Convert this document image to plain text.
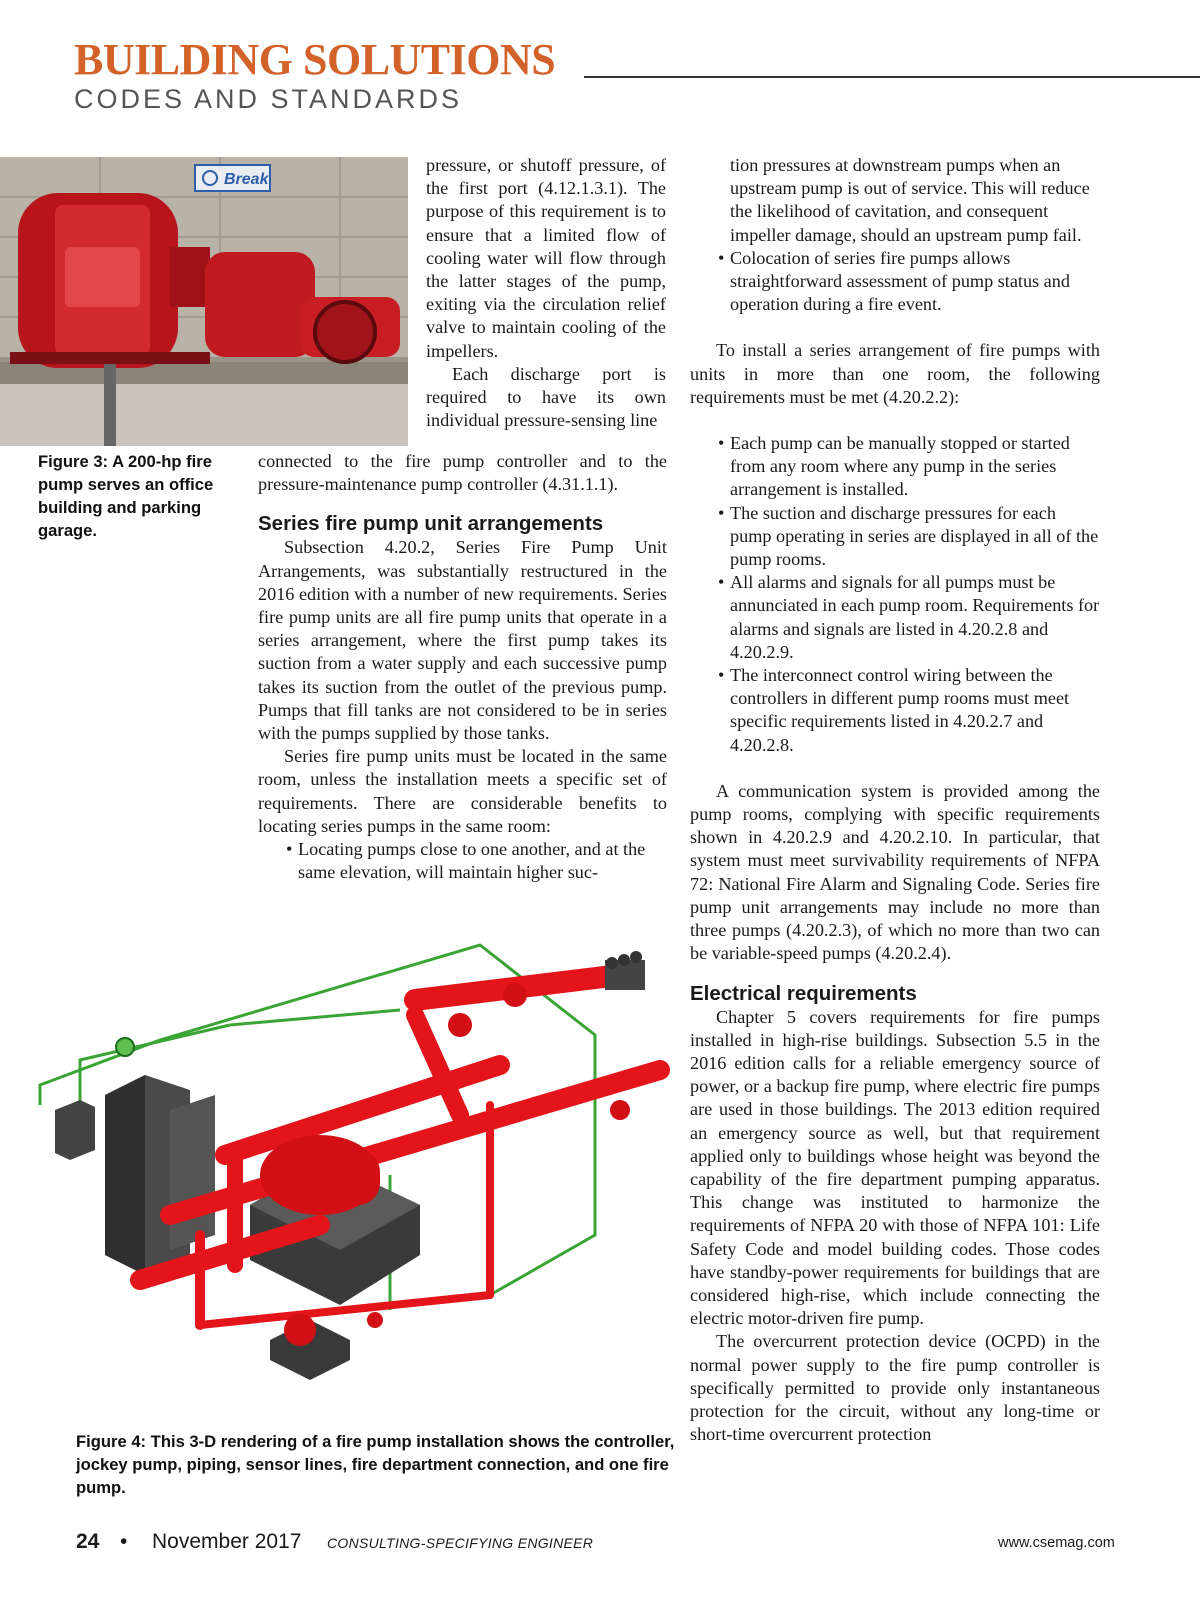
BUILDING SOLUTIONS
CODES AND STANDARDS
Break
Figure 3: A 200-hp fire pump serves an office building and parking garage.

pressure, or shutoff pressure, of the first port (4.12.1.3.1). The purpose of this requirement is to ensure that a limited flow of cooling water will flow through the latter stages of the pump, exiting via the circulation relief valve to maintain cooling of the impellers.

Each discharge port is required to have its own individual pressure-sensing line

connected to the fire pump controller and to the pressure-maintenance pump controller (4.31.1.1).

Series fire pump unit arrangements

Subsection 4.20.2, Series Fire Pump Unit Arrangements, was substantially restructured in the 2016 edition with a number of new requirements. Series fire pump units are all fire pump units that operate in a series arrangement, where the first pump takes its suction from a water supply and each successive pump takes its suction from the outlet of the previous pump. Pumps that fill tanks are not considered to be in series with the pumps supplied by those tanks.

Series fire pump units must be located in the same room, unless the installation meets a specific set of requirements. There are considerable benefits to locating series pumps in the same room:

• Locating pumps close to one another, and at the same elevation, will maintain higher suc-
Figure 4: This 3-D rendering of a fire pump installation shows the controller, jockey pump, piping, sensor lines, fire department connection, and one fire pump.
tion pressures at downstream pumps when an upstream pump is out of service. This will reduce the likelihood of cavitation, and consequent impeller damage, should an upstream pump fail.
• Colocation of series fire pumps allows straightforward assessment of pump status and operation during a fire event.

To install a series arrangement of fire pumps with units in more than one room, the following requirements must be met (4.20.2.2):

• Each pump can be manually stopped or started from any room where any pump in the series arrangement is installed.
• The suction and discharge pressures for each pump operating in series are displayed in all of the pump rooms.
• All alarms and signals for all pumps must be annunciated in each pump room. Requirements for alarms and signals are listed in 4.20.2.8 and 4.20.2.9.
• The interconnect control wiring between the controllers in different pump rooms must meet specific requirements listed in 4.20.2.7 and 4.20.2.8.

A communication system is provided among the pump rooms, complying with specific requirements shown in 4.20.2.9 and 4.20.2.10. In particular, that system must meet survivability requirements of NFPA 72: National Fire Alarm and Signaling Code. Series fire pump unit arrangements may include no more than three pumps (4.20.2.3), of which no more than two can be variable-speed pumps (4.20.2.4).

Electrical requirements

Chapter 5 covers requirements for fire pumps installed in high-rise buildings. Subsection 5.5 in the 2016 edition calls for a reliable emergency source of power, or a backup fire pump, where electric fire pumps are used in those buildings. The 2013 edition required an emergency source as well, but that requirement applied only to buildings whose height was beyond the capability of the fire department pumping apparatus. This change was instituted to harmonize the requirements of NFPA 20 with those of NFPA 101: Life Safety Code and model building codes. Those codes have standby-power requirements for buildings that are considered high-rise, which include connecting the electric motor-driven fire pump.

The overcurrent protection device (OCPD) in the normal power supply to the fire pump controller is specifically permitted to provide only instantaneous protection for the circuit, without any long-time or short-time overcurrent protection

24 • November 2017 CONSULTING-SPECIFYING ENGINEER	www.csemag.com
